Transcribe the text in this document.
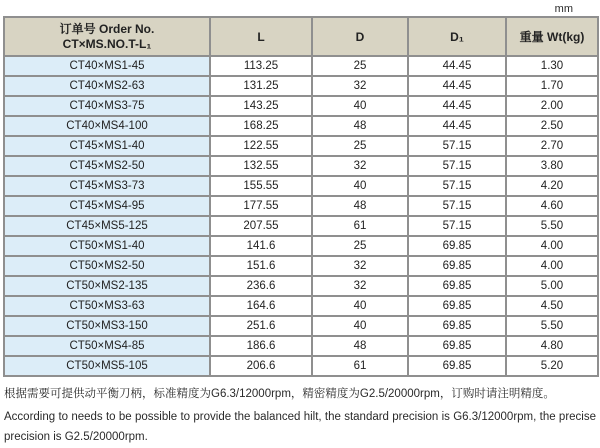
mm
订单号 Order No.
CT×MS.NO.T-L₁	L	D	D₁	重量 Wt(kg)
CT40×MS1-45	113.25	25	44.45	1.30
CT40×MS2-63	131.25	32	44.45	1.70
CT40×MS3-75	143.25	40	44.45	2.00
CT40×MS4-100	168.25	48	44.45	2.50
CT45×MS1-40	122.55	25	57.15	2.70
CT45×MS2-50	132.55	32	57.15	3.80
CT45×MS3-73	155.55	40	57.15	4.20
CT45×MS4-95	177.55	48	57.15	4.60
CT45×MS5-125	207.55	61	57.15	5.50
CT50×MS1-40	141.6	25	69.85	4.00
CT50×MS2-50	151.6	32	69.85	4.00
CT50×MS2-135	236.6	32	69.85	5.00
CT50×MS3-63	164.6	40	69.85	4.50
CT50×MS3-150	251.6	40	69.85	5.50
CT50×MS4-85	186.6	48	69.85	4.80
CT50×MS5-105	206.6	61	69.85	5.20
根据需要可提供动平衡刀柄，标准精度为G6.3/12000rpm，精密精度为G2.5/20000rpm，订购时请注明精度。
According to needs to be possible to provide the balanced hilt, the standard precision is G6.3/12000rpm, the precise precision is G2.5/20000rpm.
